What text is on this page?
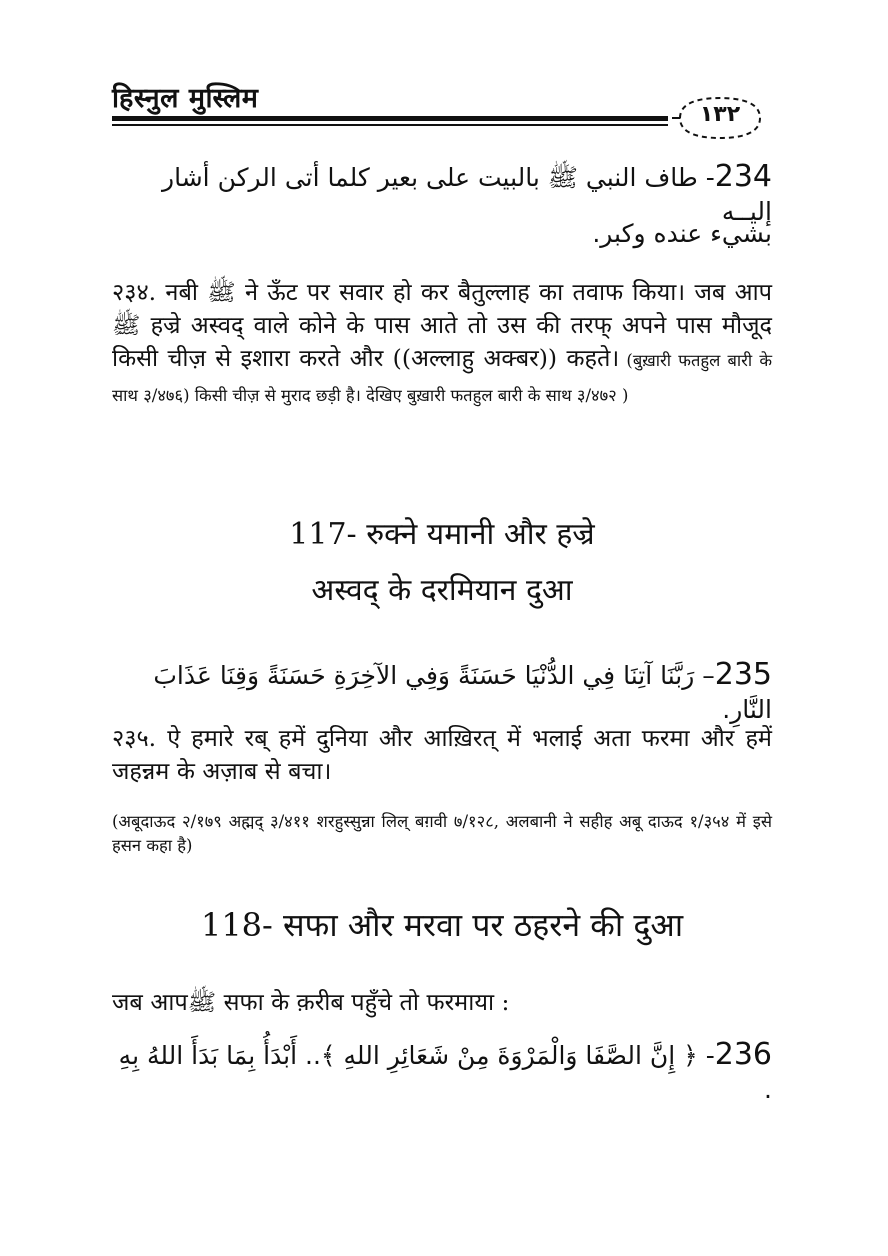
हिस्नुल मुस्लिम
١٣٢
234- طاف النبي ﷺ بالبيت على بعير كلما أتى الركن أشار إليــه
بشيء عنده وكبر.
२३४. नबी ﷺ ने ऊँट पर सवार हो कर बैतुल्लाह का तवाफ किया। जब आप ﷺ हज्रे अस्वद् वाले कोने के पास आते तो उस की तरफ् अपने पास मौजूद किसी चीज़ से इशारा करते और ((अल्लाहु अक्बर)) कहते। (बुख़ारी फतहुल बारी के साथ ३/४७६) किसी चीज़ से मुराद छड़ी है। देखिए बुख़ारी फतहुल बारी के साथ ३/४७२ )
117- रुक्ने यमानी और हज्रे
अस्वद् के दरमियान दुआ
235– رَبَّنَا آتِنَا فِي الدُّنْيَا حَسَنَةً وَفِي الآخِرَةِ حَسَنَةً وَقِنَا عَذَابَ النَّارِ.
२३५. ऐ हमारे रब् हमें दुनिया और आख़िरत् में भलाई अता फरमा और हमें जहन्नम के अज़ाब से बचा।
(अबूदाऊद २/१७९ अह्मद् ३/४११ शरहुस्सुन्ना लिल् बग़वी ७/१२८, अलबानी ने सहीह अबू दाऊद १/३५४ में इसे हसन कहा है)
118- सफा और मरवा पर ठहरने की दुआ
जब आपﷺ सफा के क़रीब पहुँचे तो फरमाया :
236- ﴿ إِنَّ الصَّفَا وَالْمَرْوَةَ مِنْ شَعَائِرِ اللهِ ﴾.. أَبْدَأُ بِمَا بَدَأَ اللهُ بِهِ .
